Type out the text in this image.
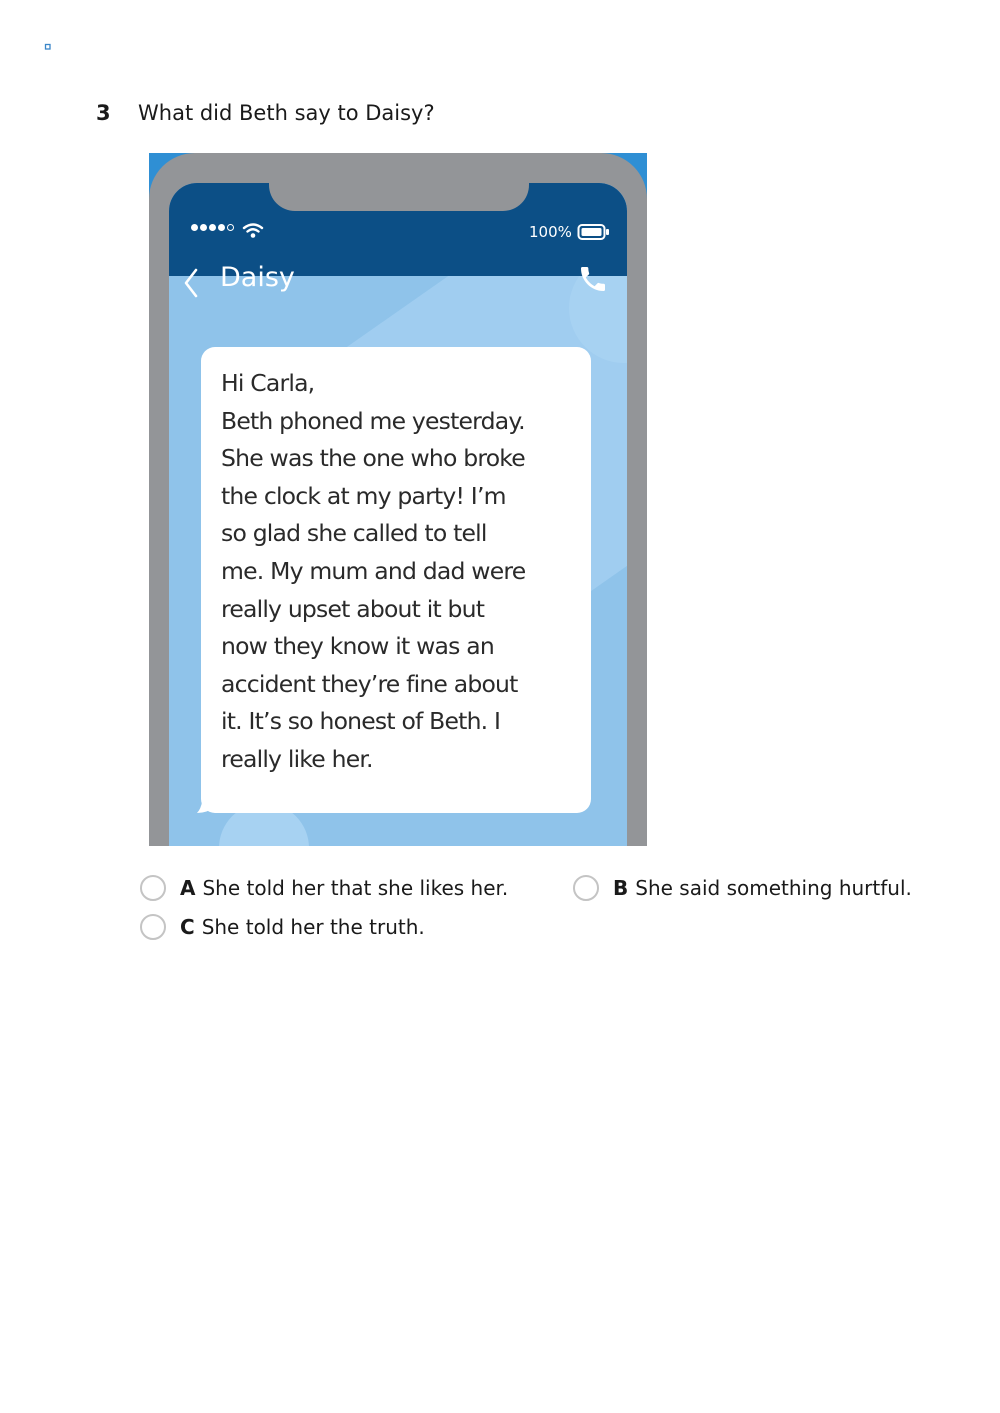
3 What did Beth say to Daisy?
100%
Daisy
Hi Carla,
Beth phoned me yesterday.
She was the one who broke
the clock at my party! I’m
so glad she called to tell
me. My mum and dad were
really upset about it but
now they know it was an
accident they’re fine about
it. It’s so honest of Beth. I
really like her.
A She told her that she likes her.	B She said something hurtful.
C She told her the truth.
